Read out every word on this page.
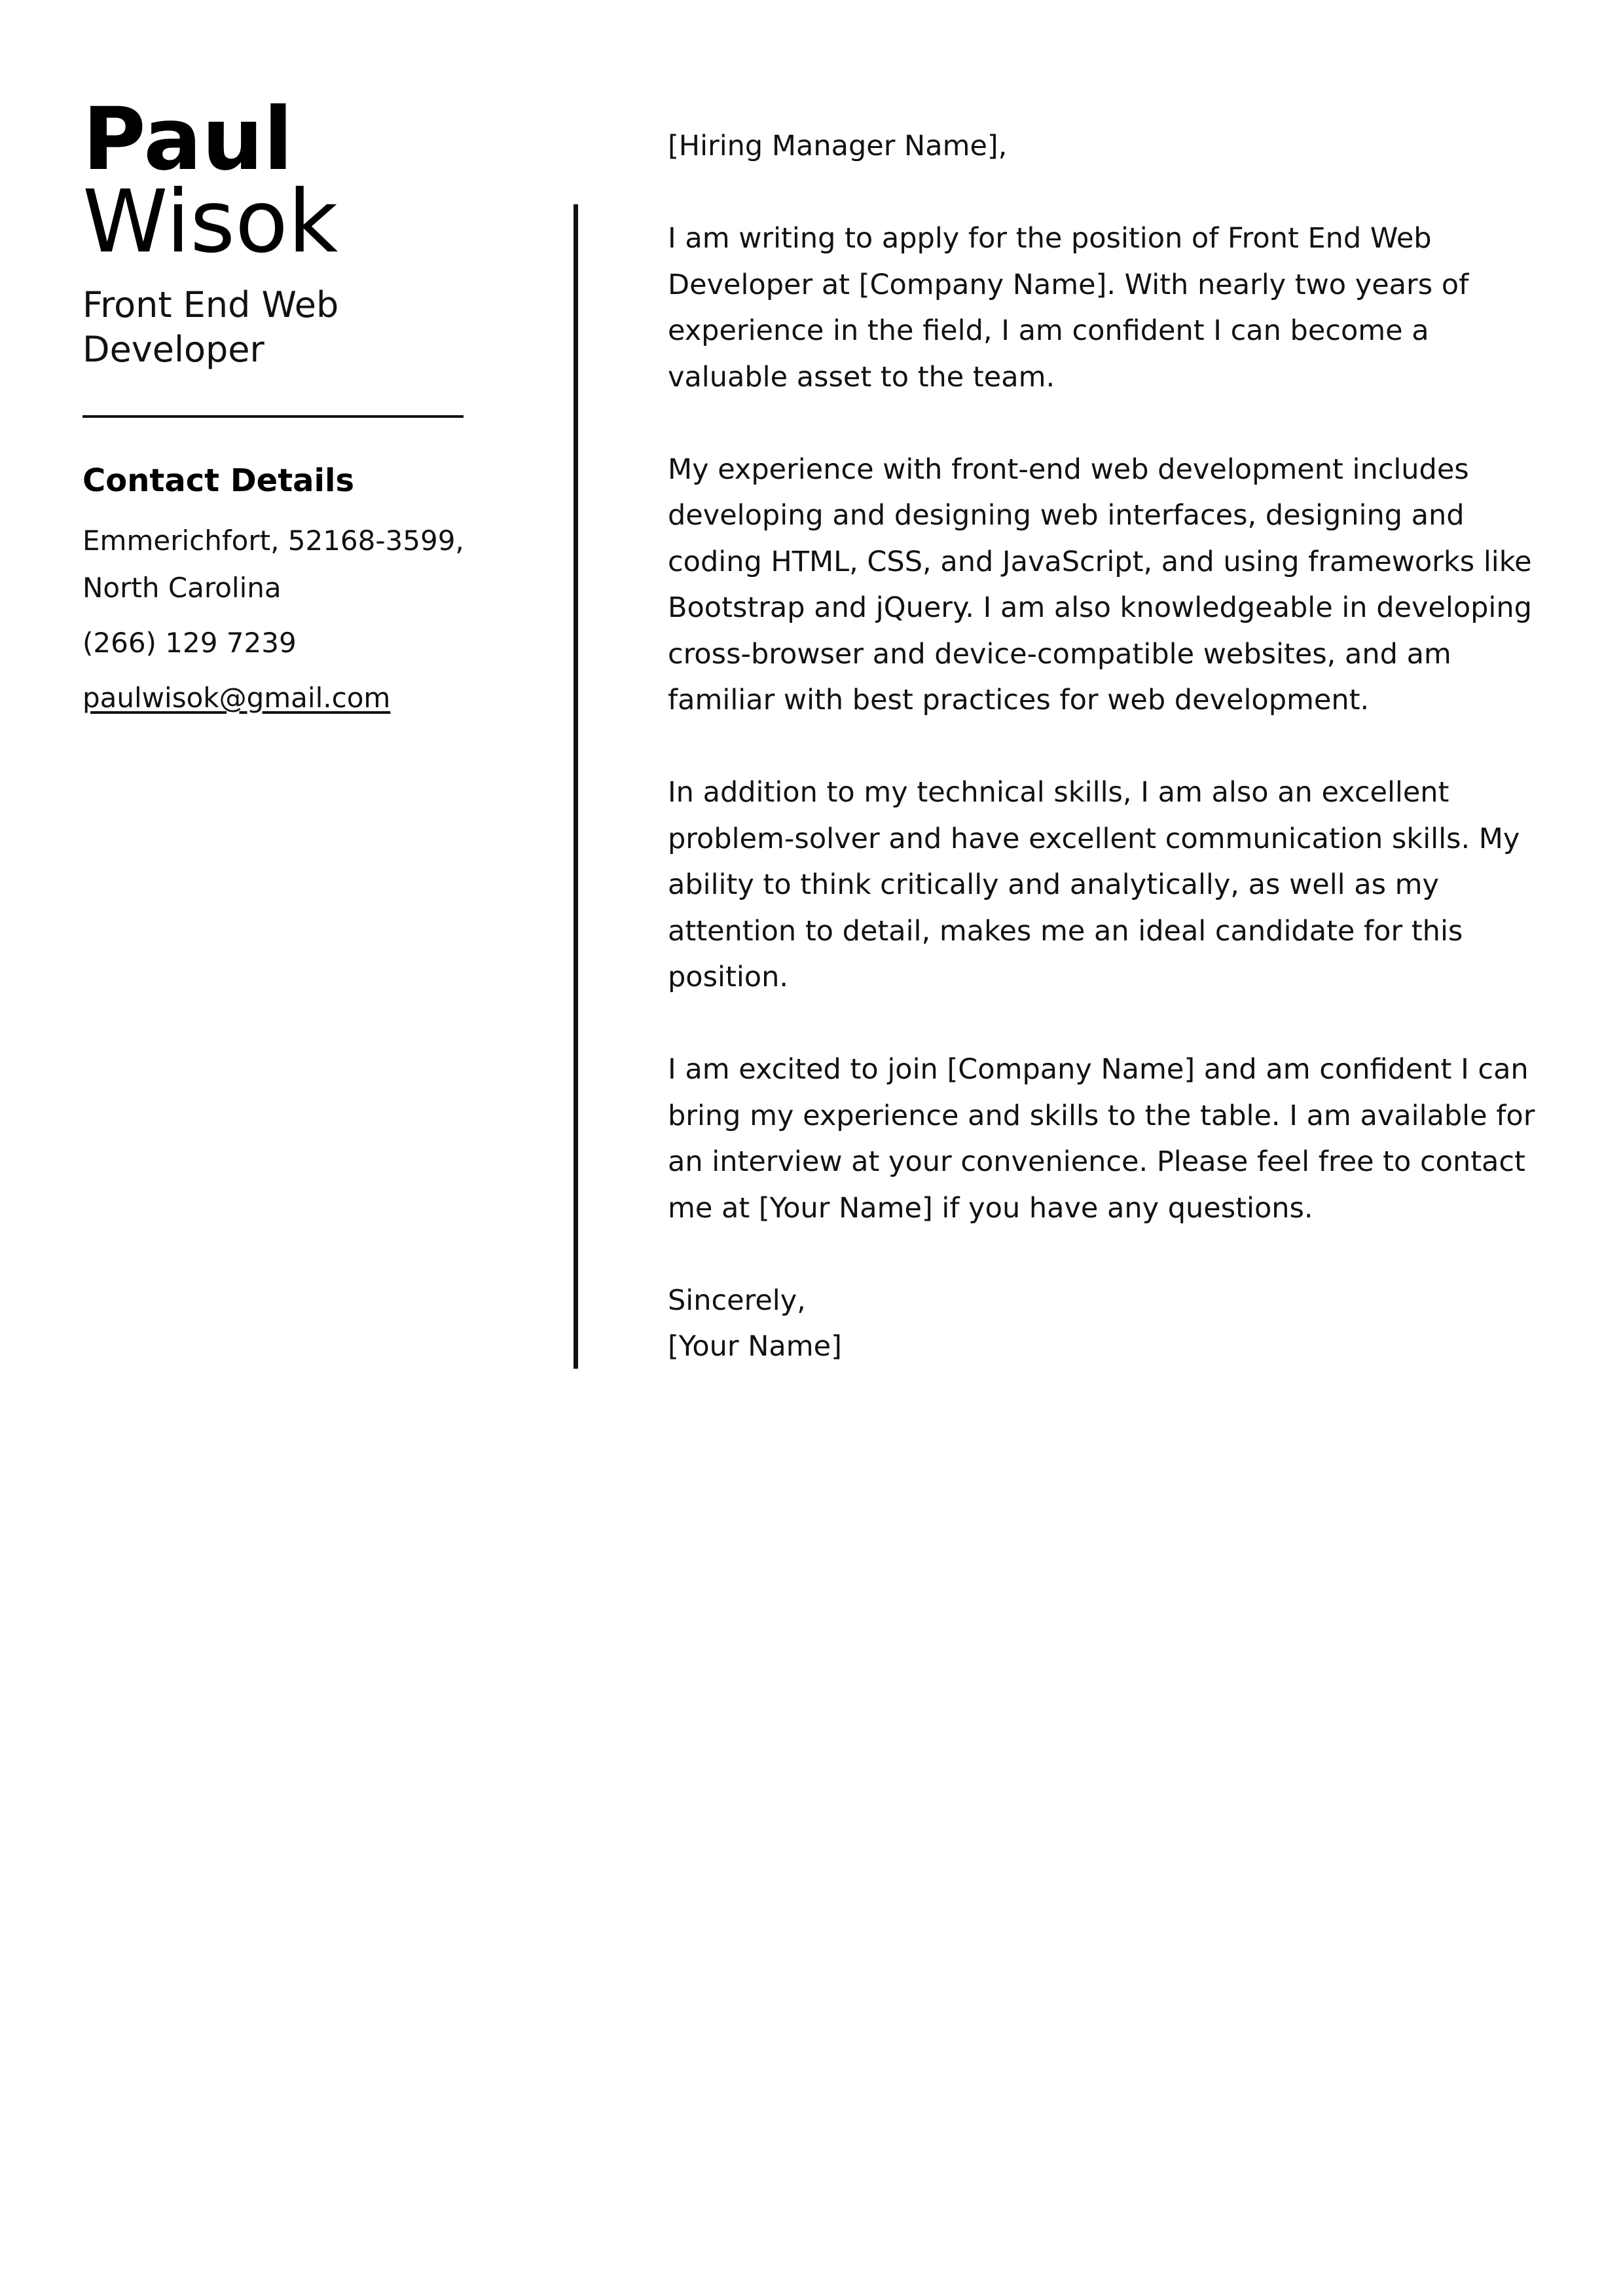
Paul
Wisok
Front End Web Developer
Contact Details
Emmerichfort, 52168-3599,
North Carolina
(266) 129 7239
paulwisok@gmail.com

[Hiring Manager Name],

I am writing to apply for the position of Front End Web Developer at [Company Name]. With nearly two years of experience in the field, I am confident I can become a valuable asset to the team.

My experience with front-end web development includes developing and designing web interfaces, designing and coding HTML, CSS, and JavaScript, and using frameworks like Bootstrap and jQuery. I am also knowledgeable in developing cross-browser and device-compatible websites, and am familiar with best practices for web development.

In addition to my technical skills, I am also an excellent problem-solver and have excellent communication skills. My ability to think critically and analytically, as well as my attention to detail, makes me an ideal candidate for this position.

I am excited to join [Company Name] and am confident I can bring my experience and skills to the table. I am available for an interview at your convenience. Please feel free to contact me at [Your Name] if you have any questions.

Sincerely,

[Your Name]
